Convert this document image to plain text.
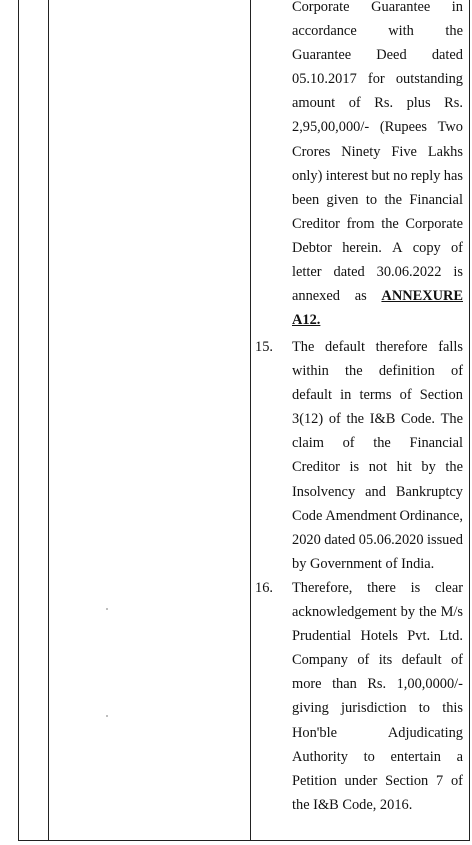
Corporate Guarantee in
accordance with the
Guarantee Deed dated
05.10.2017 for outstanding
amount of Rs. plus Rs.
2,95,00,000/- (Rupees Two
Crores Ninety Five Lakhs
only) interest but no reply has
been given to the Financial
Creditor from the Corporate
Debtor herein. A copy of
letter dated 30.06.2022 is
annexed as ANNEXURE
A12.
15. The default therefore falls
within the definition of
default in terms of Section
3(12) of the I&B Code. The
claim of the Financial
Creditor is not hit by the
Insolvency and Bankruptcy
Code Amendment Ordinance,
2020 dated 05.06.2020 issued
by Government of India.
16. Therefore, there is clear
acknowledgement by the M/s
Prudential Hotels Pvt. Ltd.
Company of its default of
more than Rs. 1,00,0000/-
giving jurisdiction to this
Hon'ble	Adjudicating
Authority to entertain a
Petition under Section 7 of
the I&B Code, 2016.
